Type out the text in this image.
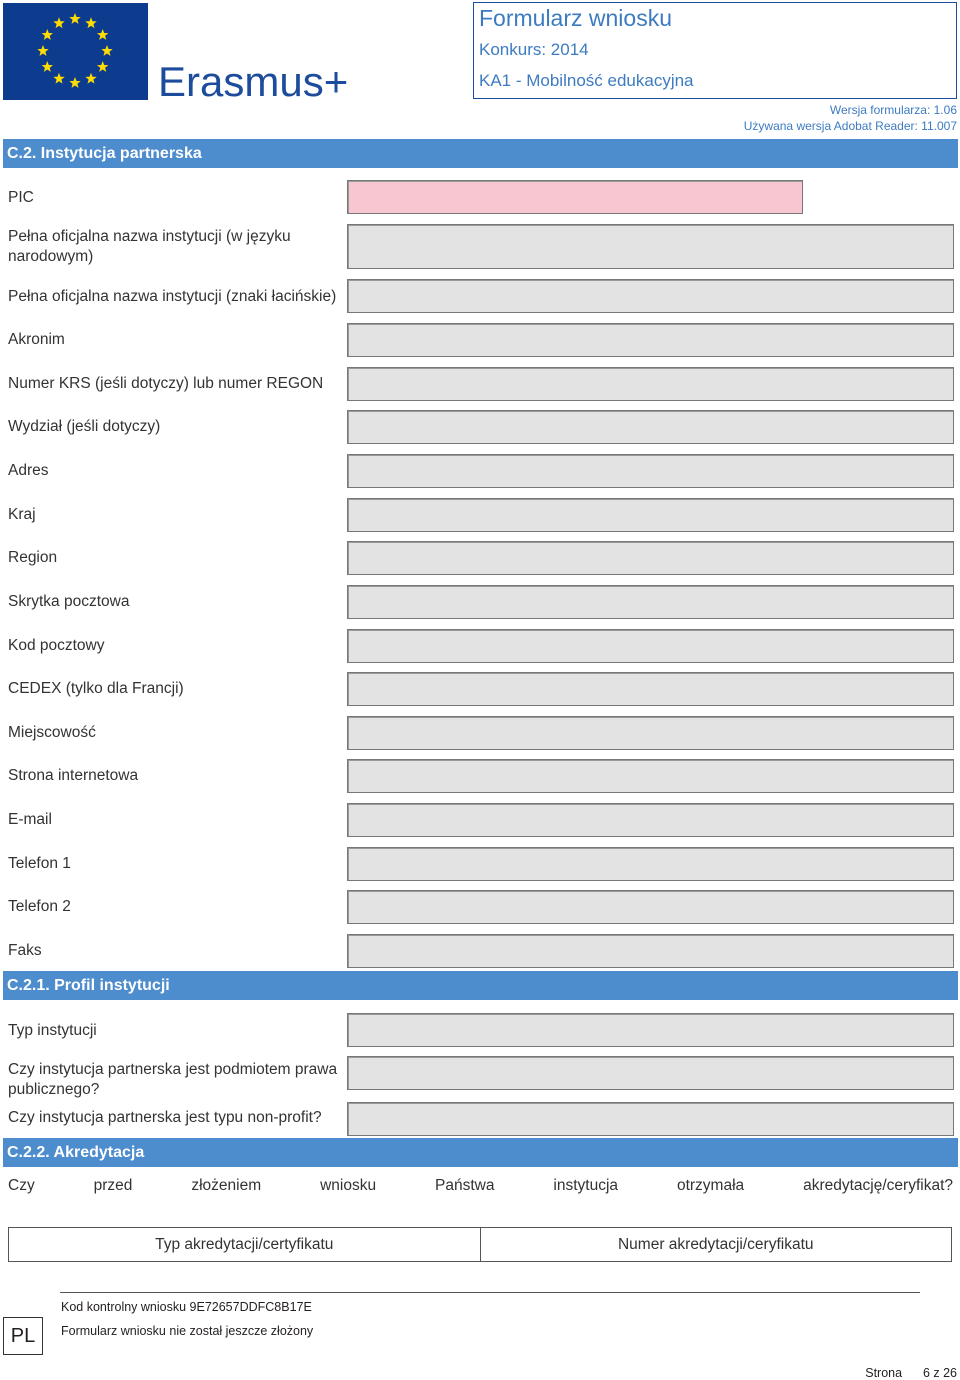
Erasmus+
Formularz wniosku
Konkurs: 2014
KA1 - Mobilność edukacyjna
Wersja formularza: 1.06
Używana wersja Adobat Reader: 11.007
C.2. Instytucja partnerska
PIC
Pełna oficjalna nazwa instytucji (w języku narodowym)
Pełna oficjalna nazwa instytucji (znaki łacińskie)
Akronim
Numer KRS (jeśli dotyczy) lub numer REGON
Wydział (jeśli dotyczy)
Adres
Kraj
Region
Skrytka pocztowa
Kod pocztowy
CEDEX (tylko dla Francji)
Miejscowość
Strona internetowa
E-mail
Telefon 1
Telefon 2
Faks
C.2.1. Profil instytucji
Typ instytucji
Czy instytucja partnerska jest podmiotem prawa publicznego?
Czy instytucja partnerska jest typu non-profit?
C.2.2. Akredytacja
Czy	przed	złożeniem	wniosku	Państwa	instytucja	otrzymała	akredytację/ceryfikat?
Typ akredytacji/certyfikatu	Numer akredytacji/ceryfikatu
PL
Kod kontrolny wniosku 9E72657DDFC8B17E
Formularz wniosku nie został jeszcze złożony
Strona 6 z 26
